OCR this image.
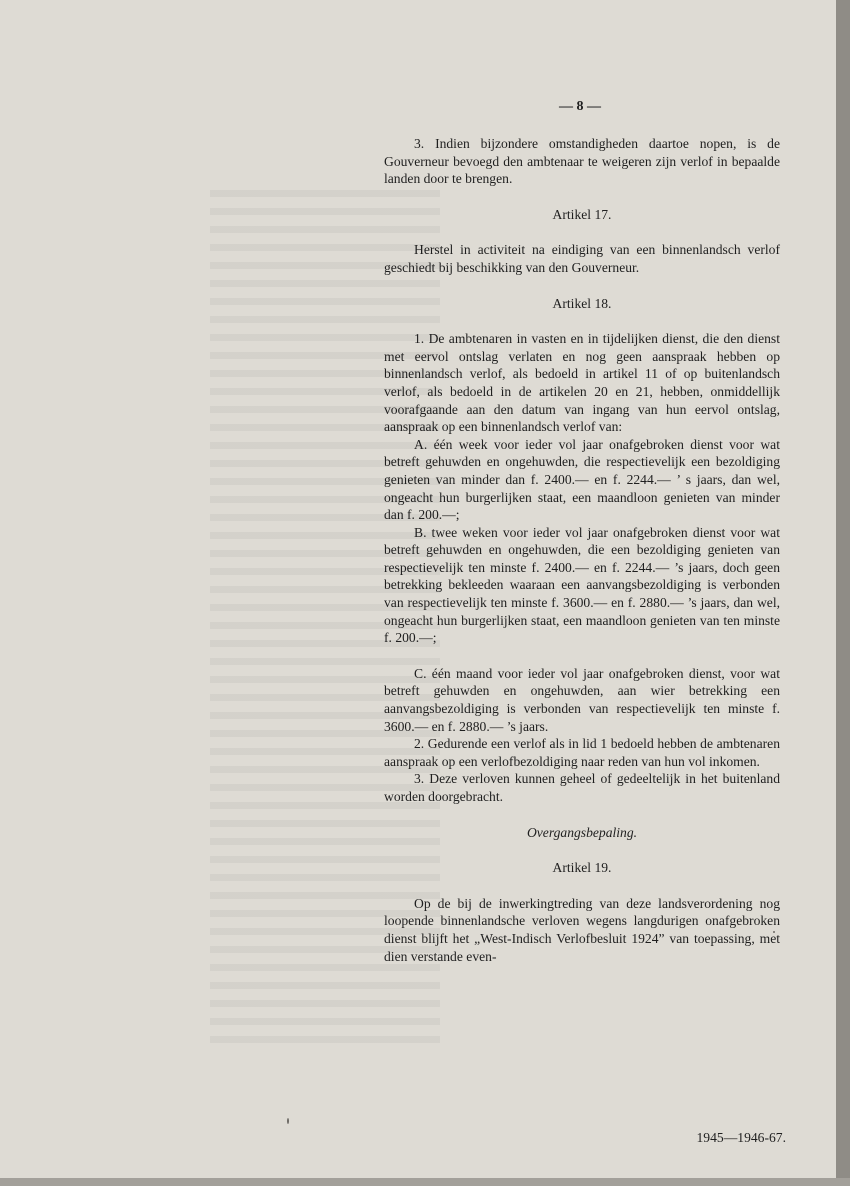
— 8 —

3. Indien bijzondere omstandigheden daartoe nopen, is de Gouverneur bevoegd den ambtenaar te weigeren zijn verlof in bepaalde landen door te brengen.

Artikel 17.

Herstel in activiteit na eindiging van een binnenlandsch verlof geschiedt bij beschikking van den Gouverneur.

Artikel 18.

1. De ambtenaren in vasten en in tijdelijken dienst, die den dienst met eervol ontslag verlaten en nog geen aanspraak hebben op binnenlandsch verlof, als bedoeld in artikel 11 of op buitenlandsch verlof, als bedoeld in de artikelen 20 en 21, hebben, onmiddellijk voorafgaande aan den datum van ingang van hun eervol ontslag, aanspraak op een binnenlandsch verlof van:

A. één week voor ieder vol jaar onafgebroken dienst voor wat betreft gehuwden en ongehuwden, die respectievelijk een bezoldiging genieten van minder dan f. 2400.— en f. 2244.— ’ s jaars, dan wel, ongeacht hun burgerlijken staat, een maandloon genieten van minder dan f. 200.—;

B. twee weken voor ieder vol jaar onafgebroken dienst voor wat betreft gehuwden en ongehuwden, die een bezoldiging genieten van respectievelijk ten minste f. 2400.— en f. 2244.— ’s jaars, doch geen betrekking bekleeden waaraan een aanvangsbezoldiging is verbonden van respectievelijk ten minste f. 3600.— en f. 2880.— ’s jaars, dan wel, ongeacht hun burgerlijken staat, een maandloon genieten van ten minste f. 200.—;

C. één maand voor ieder vol jaar onafgebroken dienst, voor wat betreft gehuwden en ongehuwden, aan wier betrekking een aanvangsbezoldiging is verbonden van respectievelijk ten minste f. 3600.— en f. 2880.— ’s jaars.

2. Gedurende een verlof als in lid 1 bedoeld hebben de ambtenaren aanspraak op een verlofbezoldiging naar reden van hun vol inkomen.

3. Deze verloven kunnen geheel of gedeeltelijk in het buitenland worden doorgebracht.

Overgangsbepaling.
Artikel 19.

Op de bij de inwerkingtreding van deze landsverordening nog loopende binnenlandsche verloven wegens langdurigen onafgebroken dienst blijft het „West-Indisch Verlofbesluit 1924” van toepassing, met dien verstande even-

1945—1946-67.
